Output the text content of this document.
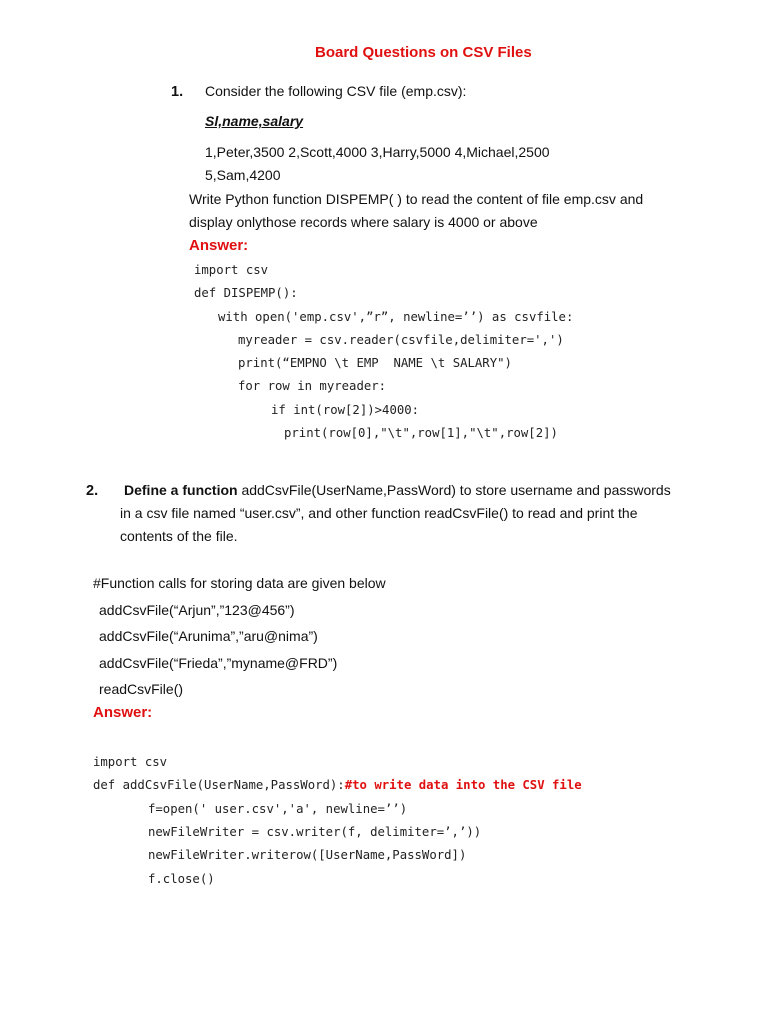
Board Questions on CSV Files
1. Consider the following CSV file (emp.csv):
Sl,name,salary
1,Peter,3500 2,Scott,4000 3,Harry,5000 4,Michael,2500
5,Sam,4200
Write Python function DISPEMP( ) to read the content of file emp.csv and
display onlythose records where salary is 4000 or above
Answer:
import csv
def DISPEMP():
with open('emp.csv',”r”, newline=’’) as csvfile:
myreader = csv.reader(csvfile,delimiter=',')
print(“EMPNO \t EMP  NAME \t SALARY")
for row in myreader:
if int(row[2])>4000:
print(row[0],"\t",row[1],"\t",row[2])
2. Define a function addCsvFile(UserName,PassWord) to store username and passwords
in a csv file named “user.csv”, and other function readCsvFile() to read and print the
contents of the file.
#Function calls for storing data are given below
addCsvFile(“Arjun”,”123@456”)
addCsvFile(“Arunima”,”aru@nima”)
addCsvFile(“Frieda”,”myname@FRD”)
readCsvFile()
Answer:
import csv
def addCsvFile(UserName,PassWord):#to write data into the CSV file
f=open(' user.csv','a', newline=’’)
newFileWriter = csv.writer(f, delimiter=’,’))
newFileWriter.writerow([UserName,PassWord])
f.close()
